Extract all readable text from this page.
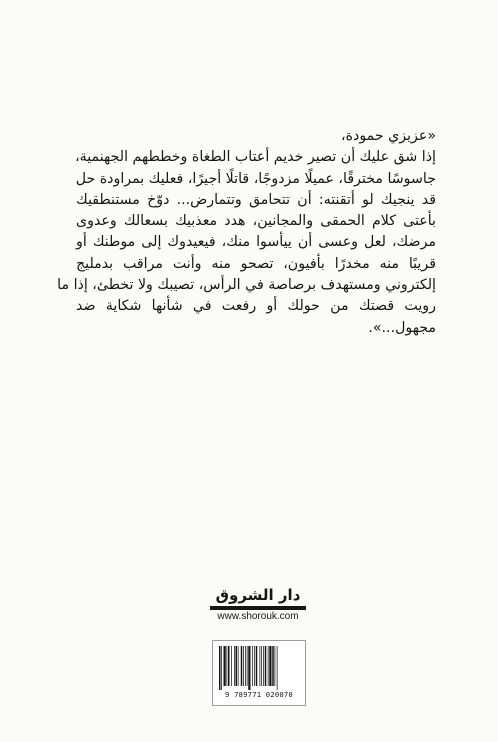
«عزيزي حمودة،
إذا شق عليك أن تصير خديم أعتاب الطغاة وخططهم الجهنمية،
جاسوسًا مخترقًا، عميلًا مزدوجًا، قاتلًا أجيرًا، فعليك بمراودة حل
قد ينجيك لو أتقنته: أن تتحامق وتتمارض... دوّخ مستنطقيك
بأعتى كلام الحمقى والمجانين، هدد معذبيك بسعالك وعدوى
مرضك، لعل وعسى أن ييأسوا منك، فيعيدوك إلى موطنك أو
قريبًا منه مخدرًا بأفيون، تصحو منه وأنت مراقب بدمليج
إلكتروني ومستهدف برصاصة في الرأس، تصيبك ولا تخطئ، إذا ما
رويت قصتك من حولك أو رفعت في شأنها شكاية ضد
مجهول...».
دار الشروق
www.shorouk.com
9 789771 020070
